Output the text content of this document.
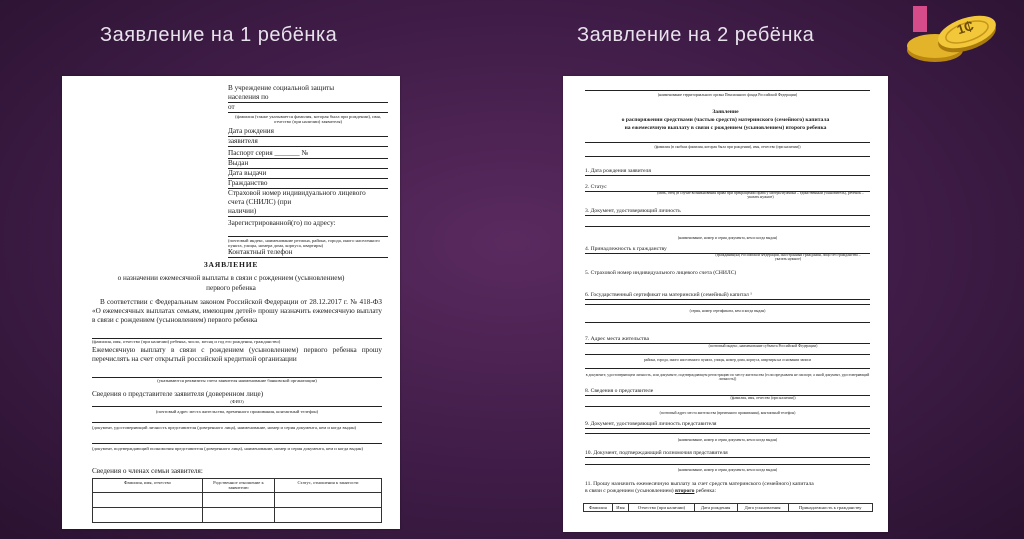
Заявление на 1 ребёнка	Заявление на 2 ребёнка	1₵
В учреждение социальной защиты
населения по
от
(фамилия (также указывается фамилия, которая была при рождении), имя, отчество (при наличии) заявителя)
Дата рождения
заявителя
Паспорт серия _______ №
Выдан
Дата выдачи
Гражданство
Страховой номер индивидуального лицевого
счета (СНИЛС) (при
наличии)
Зарегистрированной(го) по адресу:
(почтовый индекс, наименование региона, района, города, иного населенного пункта, улицы, номера дома, корпуса, квартиры)
Контактный телефон
ЗАЯВЛЕНИЕ
о назначении ежемесячной выплаты в связи с рождением (усыновлением)
первого ребенка
В соответствии с Федеральным законом Российской Федерации от 28.12.2017 г. № 418-ФЗ «О ежемесячных выплатах семьям, имеющим детей» прошу назначить ежемесячную выплату в связи с рождением (усыновлением) первого ребенка
(фамилия, имя, отчество (при наличии) ребенка, число, месяц и год его рождения, гражданство)
Ежемесячную выплату в связи с рождением (усыновлением) первого ребенка прошу перечислять на счет открытый российской кредитной организации
(указываются реквизиты счета заявителя наименование банковской организации)
Сведения о представителе заявителя (доверенном лице)
(ФИО)
(почтовый адрес места жительства, временного проживания, контактный телефон)
(документ, удостоверяющий личность представителя (доверенного лица), наименование, номер и серия документа, кем и когда выдан)
(документ, подтверждающий полномочия представителя (доверенного лица), наименование, номер и серия документа, кем и когда выдан)
Сведения о членах семьи заявителя:
Фамилия, имя, отчество	Родственное отношение к заявителю	Статус, отношения к занятости

(наименование территориального органа Пенсионного фонда Российской Федерации)
Заявление
о распоряжении средствами (частью средств) материнского (семейного) капитала
на ежемесячную выплату в связи с рождением (усыновлением) второго ребенка
(фамилия (в скобках фамилия, которая была при рождении), имя, отчество (при наличии))
1. Дата рождения заявителя
2. Статус
(мать, отец (в случае возникновения права при прекращении права у матери/мужчина – единственный усыновитель), ребенок – указать нужное)
3. Документ, удостоверяющий личность
(наименование, номер и серия документа, кем и когда выдан)
4. Принадлежность к гражданству
(гражданин(ка) Российской Федерации, иностранный гражданин, лицо без гражданства – указать нужное)
5. Страховой номер индивидуального лицевого счета (СНИЛС)
6. Государственный сертификат на материнский (семейный) капитал ¹
(серия, номер сертификата, кем и когда выдан)
7. Адрес места жительства
(почтовый индекс, наименование субъекта Российской Федерации)
района, города, иного населенного пункта, улицы, номер дома, корпуса, квартиры на основании записи
в документе, удостоверяющем личность, или документе, подтверждающем регистрацию по месту жительства (если предъявлен не паспорт, а иной документ, удостоверяющий личность))
8. Сведения о представителе
(фамилия, имя, отчество (при наличии))
(почтовый адрес места жительства (временного проживания), контактный телефон)
9. Документ, удостоверяющий личность представителя
(наименование, номер и серия документа, кем и когда выдан)
10. Документ, подтверждающий полномочия представителя
(наименование, номер и серия документа, кем и когда выдан)
11. Прошу назначить ежемесячную выплату за счет средств материнского (семейного) капитала
в связи с рождением (усыновлением) второго ребенка:
Фамилия	Имя	Отчество (при наличии)	Дата рождения	Дата усыновления	Принадлежность к гражданству
